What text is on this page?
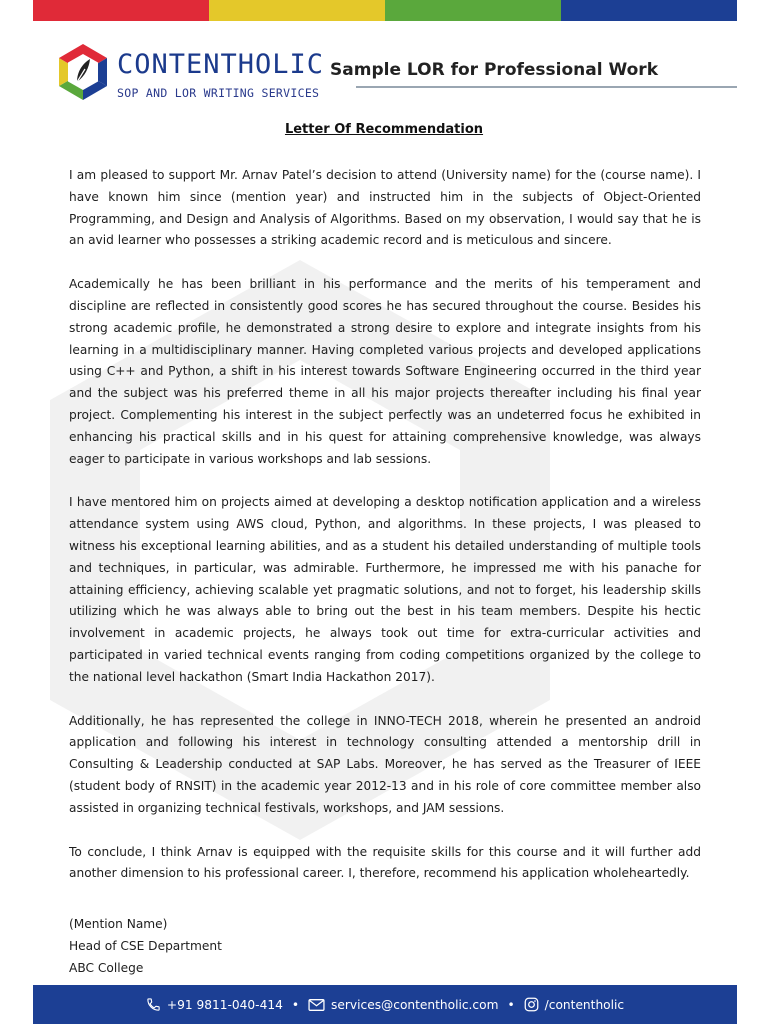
CONTENTHOLIC
SOP AND LOR WRITING SERVICES
Sample LOR for Professional Work
Letter Of Recommendation

I am pleased to support Mr. Arnav Patel’s decision to attend (University name) for the (course name). I have known him since (mention year) and instructed him in the subjects of Object-Oriented Programming, and Design and Analysis of Algorithms. Based on my observation, I would say that he is an avid learner who possesses a striking academic record and is meticulous and sincere.

Academically he has been brilliant in his performance and the merits of his temperament and discipline are reflected in consistently good scores he has secured throughout the course. Besides his strong academic profile, he demonstrated a strong desire to explore and integrate insights from his learning in a multidisciplinary manner. Having completed various projects and developed applications using C++ and Python, a shift in his interest towards Software Engineering occurred in the third year and the subject was his preferred theme in all his major projects thereafter including his final year project. Complementing his interest in the subject perfectly was an undeterred focus he exhibited in enhancing his practical skills and in his quest for attaining comprehensive knowledge, was always eager to participate in various workshops and lab sessions.

I have mentored him on projects aimed at developing a desktop notification application and a wireless attendance system using AWS cloud, Python, and algorithms. In these projects, I was pleased to witness his exceptional learning abilities, and as a student his detailed understanding of multiple tools and techniques, in particular, was admirable. Furthermore, he impressed me with his panache for attaining efficiency, achieving scalable yet pragmatic solutions, and not to forget, his leadership skills utilizing which he was always able to bring out the best in his team members. Despite his hectic involvement in academic projects, he always took out time for extra-curricular activities and participated in varied technical events ranging from coding competitions organized by the college to the national level hackathon (Smart India Hackathon 2017).

Additionally, he has represented the college in INNO-TECH 2018, wherein he presented an android application and following his interest in technology consulting attended a mentorship drill in Consulting & Leadership conducted at SAP Labs. Moreover, he has served as the Treasurer of IEEE (student body of RNSIT) in the academic year 2012-13 and in his role of core committee member also assisted in organizing technical festivals, workshops, and JAM sessions.

To conclude, I think Arnav is equipped with the requisite skills for this course and it will further add another dimension to his professional career. I, therefore, recommend his application wholeheartedly.

(Mention Name)
Head of CSE Department
ABC College
+91 9811-040-414 •	services@contentholic.com • /contentholic
